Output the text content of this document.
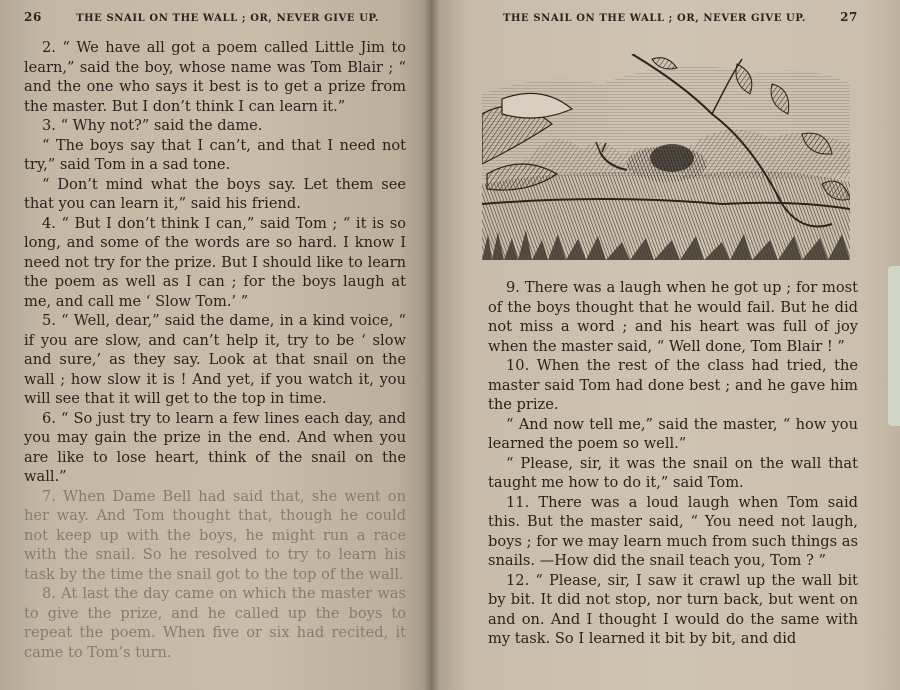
26	THE SNAIL ON THE WALL ; OR, NEVER GIVE UP.

2. “ We have all got a poem called Little Jim to learn,” said the boy, whose name was Tom Blair ; “ and the one who says it best is to get a prize from the master. But I don’t think I can learn it.”

3. “ Why not?” said the dame.

“ The boys say that I can’t, and that I need not try,” said Tom in a sad tone.

“ Don’t mind what the boys say. Let them see that you can learn it,” said his friend.

4. “ But I don’t think I can,” said Tom ; “ it is so long, and some of the words are so hard. I know I need not try for the prize. But I should like to learn the poem as well as I can ; for the boys laugh at me, and call me ‘ Slow Tom.’ ”

5. “ Well, dear,” said the dame, in a kind voice, “ if you are slow, and can’t help it, try to be ‘ slow and sure,’ as they say. Look at that snail on the wall ; how slow it is ! And yet, if you watch it, you will see that it will get to the top in time.

6. “ So just try to learn a few lines each day, and you may gain the prize in the end. And when you are like to lose heart, think of the snail on the wall.”

7. When Dame Bell had said that, she went on her way. And Tom thought that, though he could not keep up with the boys, he might run a race with the snail. So he resolved to try to learn his task by the time the snail got to the top of the wall.

8. At last the day came on which the master was to give the prize, and he called up the boys to repeat the poem. When five or six had recited, it came to Tom’s turn.

THE SNAIL ON THE WALL ; OR, NEVER GIVE UP.	27

9. There was a laugh when he got up ; for most of the boys thought that he would fail. But he did not miss a word ; and his heart was full of joy when the master said, “ Well done, Tom Blair ! ”

10. When the rest of the class had tried, the master said Tom had done best ; and he gave him the prize.

“ And now tell me,” said the master, “ how you learned the poem so well.”

“ Please, sir, it was the snail on the wall that taught me how to do it,” said Tom.

11. There was a loud laugh when Tom said this. But the master said, “ You need not laugh, boys ; for we may learn much from such things as snails. —How did the snail teach you, Tom ? ”

12. “ Please, sir, I saw it crawl up the wall bit by bit. It did not stop, nor turn back, but went on and on. And I thought I would do the same with my task. So I learned it bit by bit, and did
